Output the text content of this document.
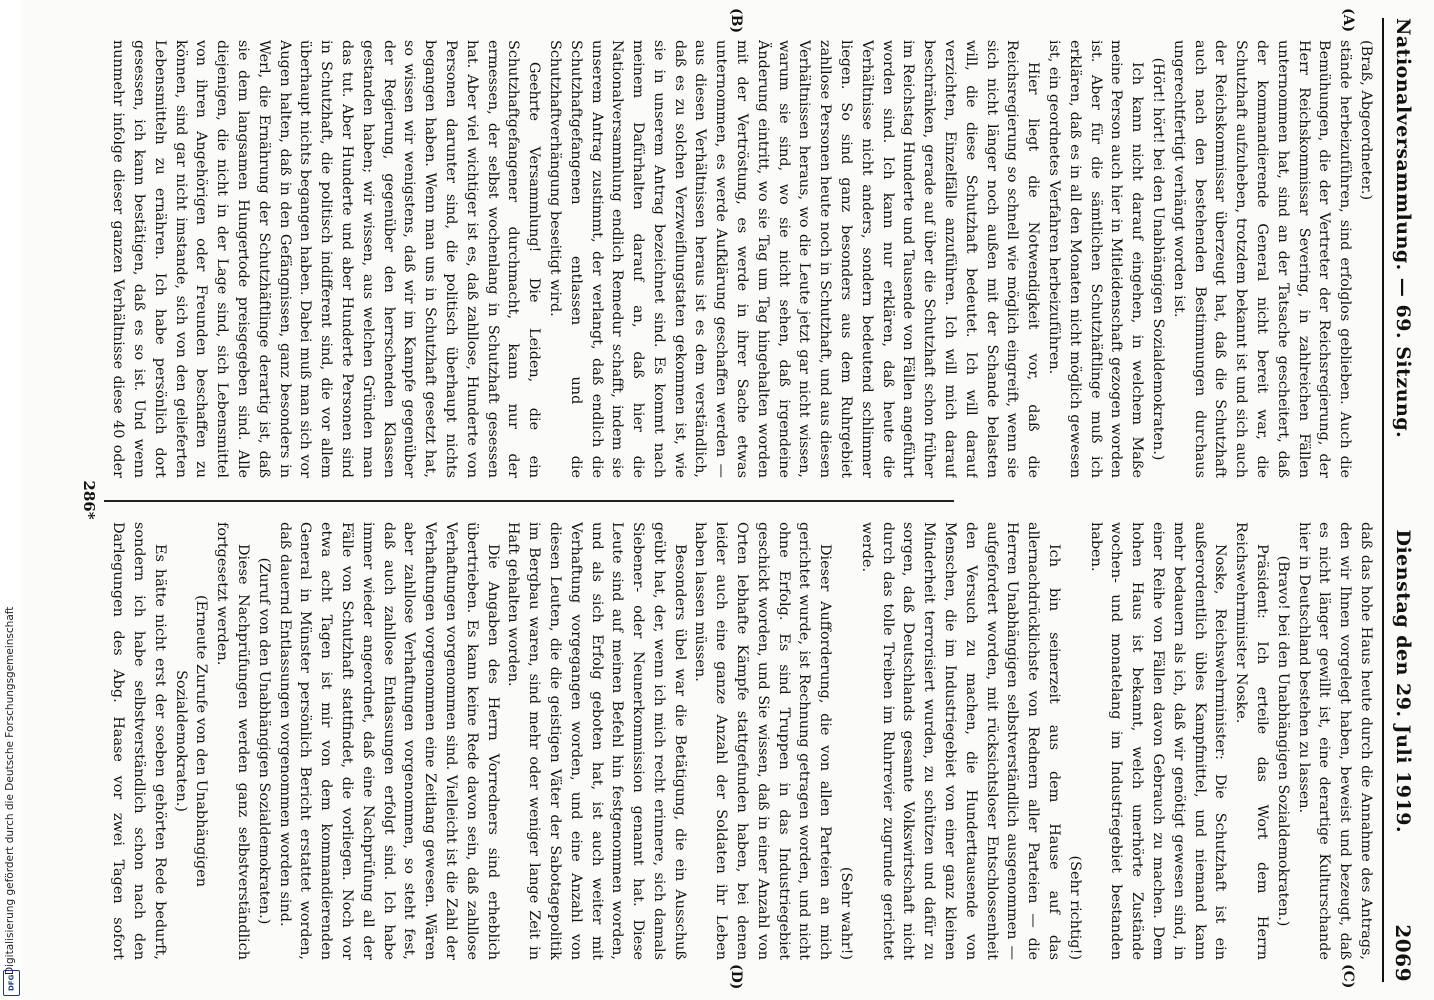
Digitalisierung gefördert durch die Deutsche Forschungsgemeinschaft
DFG
Nationalversammlung. — 69. Sitzung.
Dienstag den 29. Juli 1919.
2069
(A)
(B)
(C)
(D)

(Braß, Abgeordneter.)

stände herbeizuführen, sind erfolglos geblieben. Auch die Bemühungen, die der Vertreter der Reichsregierung, der Herr Reichskommissar Severing, in zahlreichen Fällen unternommen hat, sind an der Tatsache gescheitert, daß der kommandierende General nicht bereit war, die Schutzhaft aufzuheben, trotzdem bekannt ist und sich auch der Reichskommissar überzeugt hat, daß die Schutzhaft auch nach den bestehenden Bestimmungen durchaus ungerechtfertigt verhängt worden ist.

(Hört! hört! bei den Unabhängigen Sozialdemokraten.)

Ich kann nicht darauf eingehen, in welchem Maße meine Person auch hier in Mitleidenschaft gezogen worden ist. Aber für die sämtlichen Schutzhäftlinge muß ich erklären, daß es in all den Monaten nicht möglich gewesen ist, ein geordnetes Verfahren herbeizuführen.

Hier liegt die Notwendigkeit vor, daß die Reichsregierung so schnell wie möglich eingreift, wenn sie sich nicht länger noch außen mit der Schande belasten will, die diese Schutzhaft bedeutet. Ich will darauf verzichten, Einzelfälle anzuführen. Ich will mich darauf beschränken, gerade auf über die Schutzhaft schon früher im Reichstag Hunderte und Tausende von Fällen angeführt worden sind. Ich kann nur erklären, daß heute die Verhältnisse nicht anders, sondern bedeutend schlimmer liegen. So sind ganz besonders aus dem Ruhrgebiet zahllose Personen heute noch in Schutzhaft, und aus diesen Verhältnissen heraus, wo die Leute jetzt gar nicht wissen, warum sie sind, wo sie nicht sehen, daß irgendeine Änderung eintritt, wo sie Tag um Tag hingehalten worden mit der Vertröstung, es werde in ihrer Sache etwas unternommen, es werde Aufklärung geschaffen werden — aus diesen Verhältnissen heraus ist es dem verständlich, daß es zu solchen Verzweiflungstaten gekommen ist, wie sie in unserem Antrag bezeichnet sind. Es kommt nach meinem Dafürhalten darauf an, daß hier die Nationalversammlung endlich Remedur schafft, indem sie unserem Antrag zustimmt, der verlangt, daß endlich die Schutzhaftgefangenen entlassen und die Schutzhaftverhängung beseitigt wird.

Geehrte Versammlung! Die Leiden, die ein Schutzhaftgefangener durchmacht, kann nur der ermessen, der selbst wochenlang in Schutzhaft gesessen hat. Aber viel wichtiger ist es, daß zahllose, Hunderte von Personen darunter sind, die politisch überhaupt nichts begangen haben. Wenn man uns in Schutzhaft gesetzt hat, so wissen wir wenigstens, daß wir im Kampfe gegenüber der Regierung, gegenüber den herrschenden Klassen gestanden haben; wir wissen, aus welchen Gründen man das tut. Aber Hunderte und aber Hunderte Personen sind in Schutzhaft, die politisch indifferent sind, die vor allem überhaupt nichts begangen haben. Dabei muß man sich vor Augen halten, daß in den Gefängnissen, ganz besonders in Werl, die Ernährung der Schutzhäftlinge derartig ist, daß sie dem langsamen Hungertode preisgegeben sind. Alle diejenigen, die nicht in der Lage sind, sich Lebensmittel von ihren Angehörigen oder Freunden beschaffen zu können, sind gar nicht imstande, sich von den gelieferten Lebensmitteln zu ernähren. Ich habe persönlich dort gesessen, ich kann bestätigen, daß es so ist. Und wenn nunmehr infolge dieser ganzen Verhältnisse diese 40 oder

daß das hohe Haus heute durch die Annahme des Antrags, den wir Ihnen vorgelegt haben, beweist und bezeugt, daß es nicht länger gewillt ist, eine derartige Kulturschande hier in Deutschland bestehen zu lassen.

(Bravo! bei den Unabhängigen Sozialdemokraten.)

Präsident: Ich erteile das Wort dem Herrn Reichswehrminister Noske.

Noske, Reichswehrminister: Die Schutzhaft ist ein außerordentlich übles Kampfmittel, und niemand kann mehr bedauern als ich, daß wir genötigt gewesen sind, in einer Reihe von Fällen davon Gebrauch zu machen. Dem hohen Haus ist bekannt, welch unerhörte Zustände wochen- und monatelang im Industriegebiet bestanden haben.

(Sehr richtig!)

Ich bin seinerzeit aus dem Hause auf das allernachdrücklichste von Rednern aller Parteien — die Herren Unabhängigen selbstverständlich ausgenommen — aufgefordert worden, mit rücksichtsloser Entschlossenheit den Versuch zu machen, die Hunderttausende von Menschen, die im Industriegebiet von einer ganz kleinen Minderheit terrorisiert wurden, zu schützen und dafür zu sorgen, daß Deutschlands gesamte Volkswirtschaft nicht durch das tolle Treiben im Ruhrrevier zugrunde gerichtet werde.

(Sehr wahr!)

Dieser Aufforderung, die von allen Parteien an mich gerichtet wurde, ist Rechnung getragen worden, und nicht ohne Erfolg. Es sind Truppen in das Industriegebiet geschickt worden, und Sie wissen, daß in einer Anzahl von Orten lebhafte Kämpfe stattgefunden haben, bei denen leider auch eine ganze Anzahl der Soldaten ihr Leben haben lassen müssen.

Besonders übel war die Betätigung, die ein Ausschuß geübt hat, der, wenn ich mich recht erinnere, sich damals Siebener- oder Neunerkommission genannt hat. Diese Leute sind auf meinen Befehl hin festgenommen worden, und als sich Erfolg geboten hat, ist auch weiter mit Verhaftung vorgegangen worden, und eine Anzahl von diesen Leuten, die die geistigen Väter der Sabotagepolitik im Bergbau waren, sind mehr oder weniger lange Zeit in Haft gehalten worden.

Die Angaben des Herrn Vorredners sind erheblich übertrieben. Es kann keine Rede davon sein, daß zahllose Verhaftungen vorgenommen sind. Vielleicht ist die Zahl der Verhaftungen vorgenommen eine Zeitlang gewesen. Wären aber zahllose Verhaftungen vorgenommen, so steht fest, daß auch zahllose Entlassungen erfolgt sind. Ich habe immer wieder angeordnet, daß eine Nachprüfung all der Fälle von Schutzhaft stattfindet, die vorliegen. Noch vor etwa acht Tagen ist mir von dem kommandierenden General in Münster persönlich Bericht erstattet worden, daß dauernd Entlassungen vorgenommen worden sind.

(Zuruf von den Unabhängigen Sozialdemokraten.)

Diese Nachprüfungen werden ganz selbstverständlich fortgesetzt werden.

(Erneute Zurufe von den Unabhängigen Sozialdemokraten.)

Es hätte nicht erst der soeben gehörten Rede bedurft, sondern ich habe selbstverständlich schon nach den Darlegungen des Abg. Haase vor zwei Tagen sofort

286*
